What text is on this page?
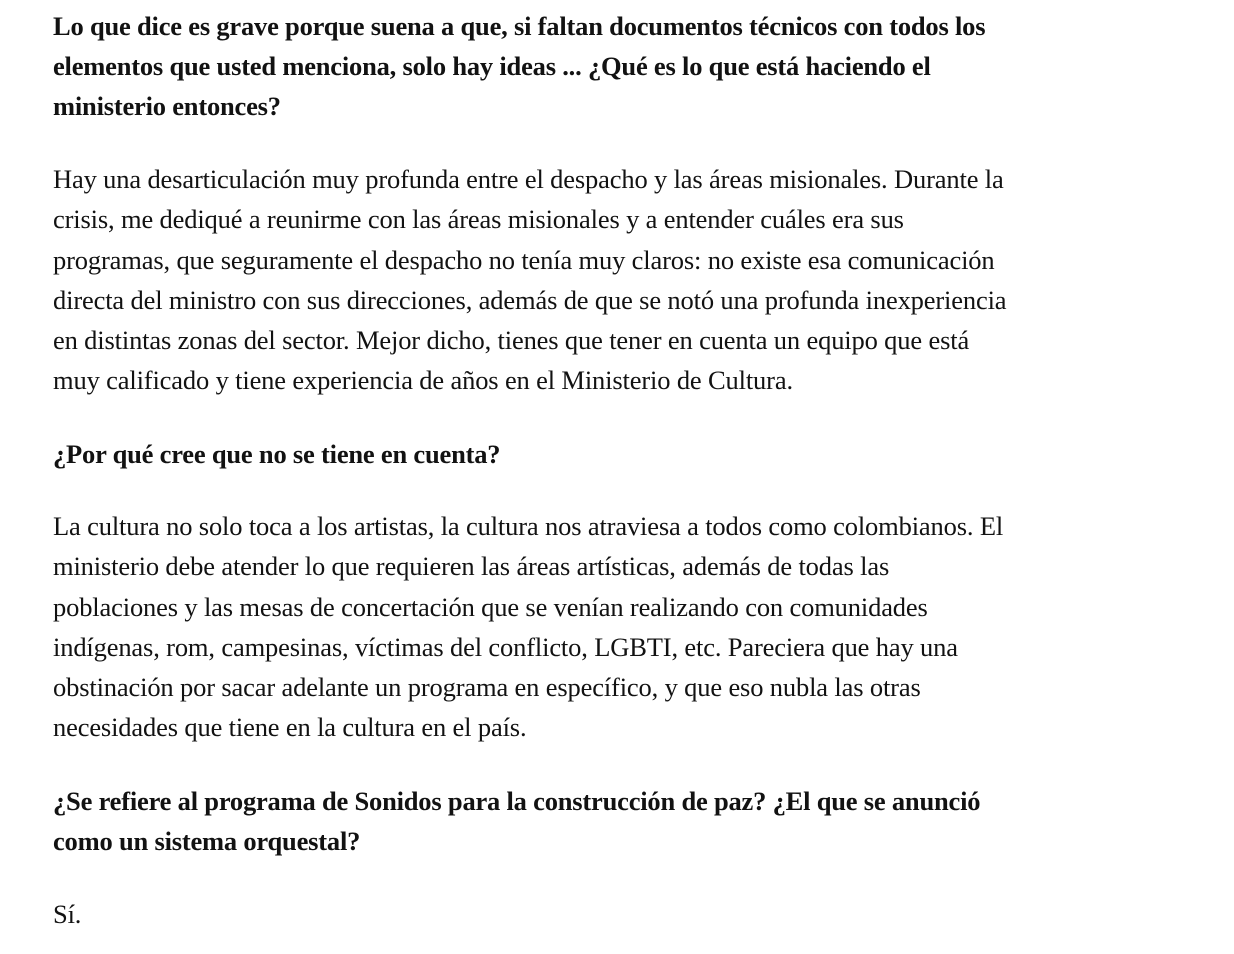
Lo que dice es grave porque suena a que, si faltan documentos técnicos con todos los
elementos que usted menciona, solo hay ideas ... ¿Qué es lo que está haciendo el
ministerio entonces?

Hay una desarticulación muy profunda entre el despacho y las áreas misionales. Durante la
crisis, me dediqué a reunirme con las áreas misionales y a entender cuáles era sus
programas, que seguramente el despacho no tenía muy claros: no existe esa comunicación
directa del ministro con sus direcciones, además de que se notó una profunda inexperiencia
en distintas zonas del sector. Mejor dicho, tienes que tener en cuenta un equipo que está
muy calificado y tiene experiencia de años en el Ministerio de Cultura.

¿Por qué cree que no se tiene en cuenta?

La cultura no solo toca a los artistas, la cultura nos atraviesa a todos como colombianos. El
ministerio debe atender lo que requieren las áreas artísticas, además de todas las
poblaciones y las mesas de concertación que se venían realizando con comunidades
indígenas, rom, campesinas, víctimas del conflicto, LGBTI, etc. Pareciera que hay una
obstinación por sacar adelante un programa en específico, y que eso nubla las otras
necesidades que tiene en la cultura en el país.

¿Se refiere al programa de Sonidos para la construcción de paz? ¿El que se anunció
como un sistema orquestal?

Sí.
